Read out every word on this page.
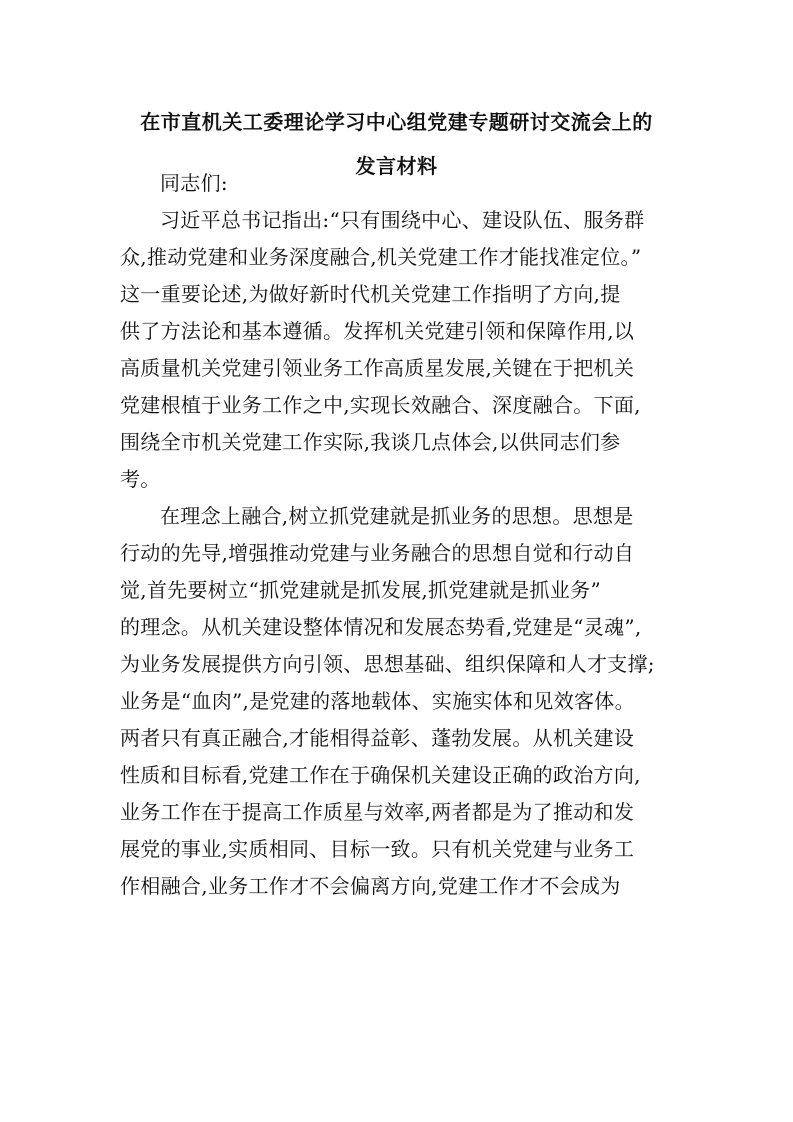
在市直机关工委理论学习中心组党建专题研讨交流会上的
发言材料
同志们:
习近平总书记指出:“只有围绕中心、建设队伍、服务群
众,推动党建和业务深度融合,机关党建工作才能找准定位。”
这一重要论述,为做好新时代机关党建工作指明了方向,提
供了方法论和基本遵循。发挥机关党建引领和保障作用,以
高质量机关党建引领业务工作高质星发展,关键在于把机关
党建根植于业务工作之中,实现长效融合、深度融合。下面,
围绕全市机关党建工作实际,我谈几点体会,以供同志们参
考。
在理念上融合,树立抓党建就是抓业务的思想。思想是
行动的先导,增强推动党建与业务融合的思想自觉和行动自
觉,首先要树立“抓党建就是抓发展,抓党建就是抓业务”
的理念。从机关建设整体情况和发展态势看,党建是“灵魂”,
为业务发展提供方向引领、思想基础、组织保障和人才支撑;
业务是“血肉”,是党建的落地载体、实施实体和见效客体。
两者只有真正融合,才能相得益彰、蓬勃发展。从机关建设
性质和目标看,党建工作在于确保机关建设正确的政治方向,
业务工作在于提高工作质星与效率,两者都是为了推动和发
展党的事业,实质相同、目标一致。只有机关党建与业务工
作相融合,业务工作才不会偏离方向,党建工作才不会成为
